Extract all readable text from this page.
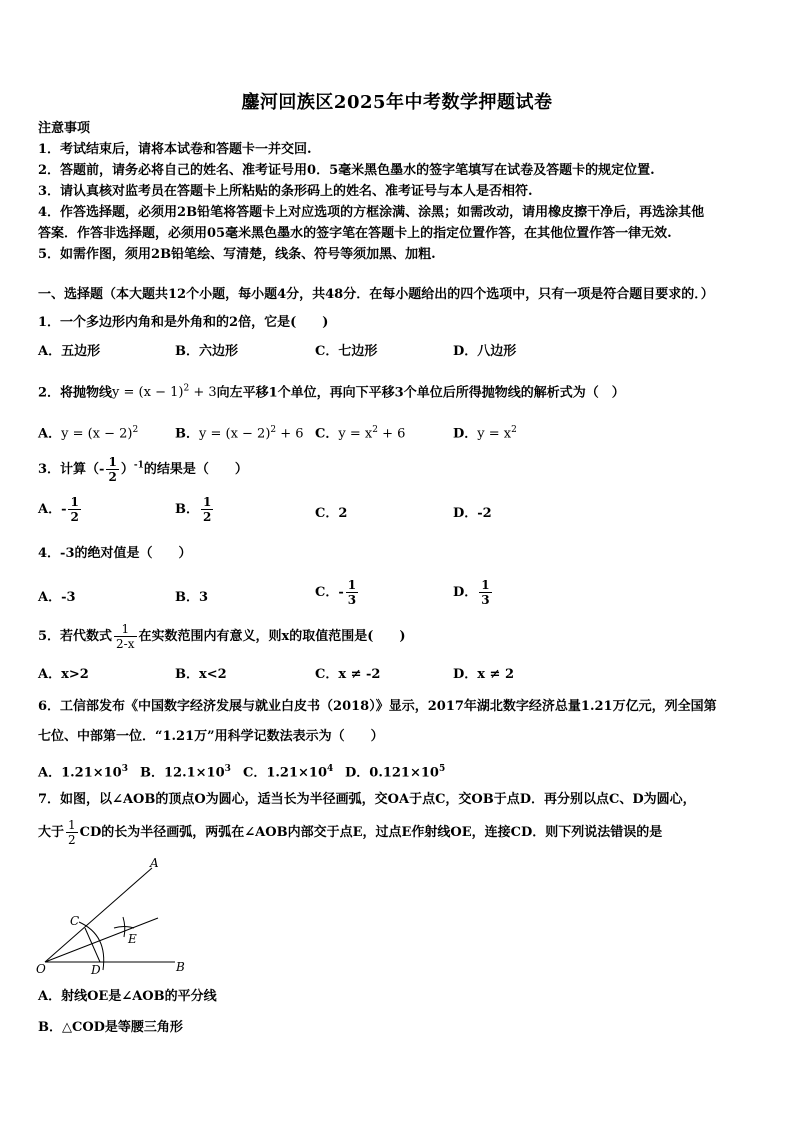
鏖河回族区2025年中考数学押题试卷
注意事项
1．考试结束后，请将本试卷和答题卡一并交回.
2．答题前，请务必将自己的姓名、准考证号用0．5毫米黑色墨水的签字笔填写在试卷及答题卡的规定位置.
3．请认真核对监考员在答题卡上所粘贴的条形码上的姓名、准考证号与本人是否相符.
4．作答选择题，必须用2B铅笔将答题卡上对应选项的方框涂满、涂黑；如需改动，请用橡皮擦干净后，再选涂其他
答案．作答非选择题，必须用05毫米黑色墨水的签字笔在答题卡上的指定位置作答，在其他位置作答一律无效.
5．如需作图，须用2B铅笔绘、写清楚，线条、符号等须加黑、加粗.
一、选择题（本大题共12个小题，每小题4分，共48分．在每小题给出的四个选项中，只有一项是符合题目要求的．）
1．一个多边形内角和是外角和的2倍，它是(　　)
A．五边形	B．六边形	C．七边形	D．八边形
2．将抛物线$y = (x - 1)^2 + 3$向左平移1个单位，再向下平移3个单位后所得抛物线的解析式为（　）
A．$y = (x - 2)^2$	B．$y = (x - 2)^2 + 6$ C．$y = x^2 + 6$	D．$y = x^2$
3．计算（- $\frac{1}{2} )^{-1}$的结果是（　　）
A．- $\frac{1}{2}$	B． $\frac{1}{2}$	C．2	D．-2
4．-3的绝对值是（　　）
A．-3	B．3	C．- $\frac{1}{3}$	D． $\frac{1}{3}$
5．若代数式 $\frac{1}{2-x}$ 在实数范围内有意义，则x的取值范围是(　　)
A．x>2	B．x<2	C．x ≠ -2	D．x ≠ 2
6．工信部发布《中国数字经济发展与就业白皮书（2018）》显示，2017年湖北数字经济总量1.21万亿元，列全国第
七位、中部第一位．“1.21万”用科学记数法表示为（　　）
A．$1.21\times 10^3$ B．$12.1\times 10^3$ C．$1.21\times 10^4$ D．$0.121\times 10^5$
7．如图，以∠AOB的顶点O为圆心，适当长为半径画弧，交OA于点C，交OB于点D．再分别以点C、D为圆心，
大于 $\frac{1}{2}$ CD的长为半径画弧，两弧在∠AOB内部交于点E，过点E作射线OE，连接CD．则下列说法错误的是
A
B
C
D
E
O
A．射线OE是∠AOB的平分线
B．△COD是等腰三角形
